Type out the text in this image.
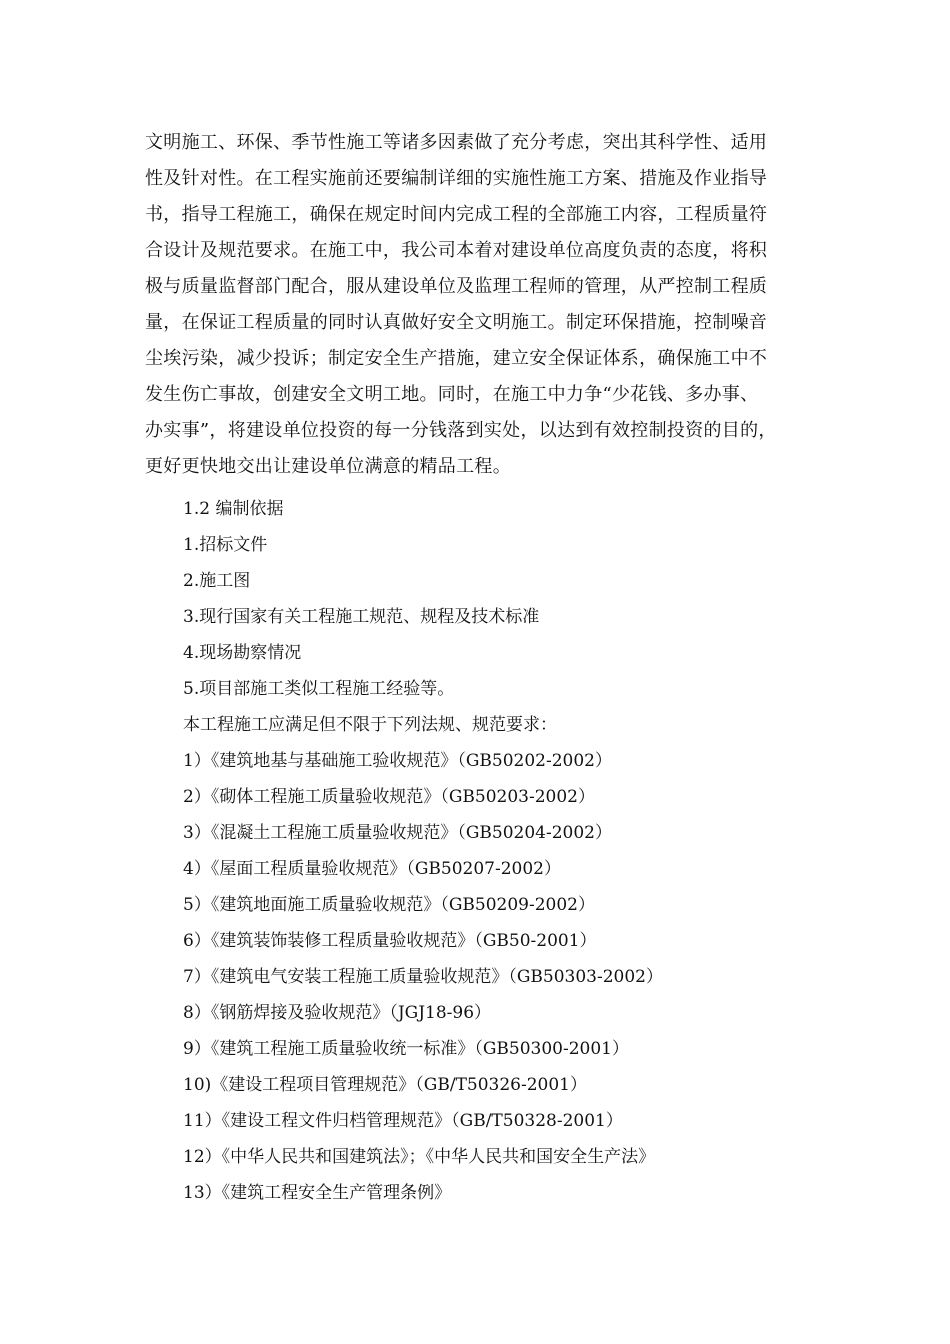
文明施工、环保、季节性施工等诸多因素做了充分考虑，突出其科学性、适用
性及针对性。在工程实施前还要编制详细的实施性施工方案、措施及作业指导
书，指导工程施工，确保在规定时间内完成工程的全部施工内容，工程质量符
合设计及规范要求。在施工中，我公司本着对建设单位高度负责的态度，将积
极与质量监督部门配合，服从建设单位及监理工程师的管理，从严控制工程质
量，在保证工程质量的同时认真做好安全文明施工。制定环保措施，控制噪音
尘埃污染，减少投诉；制定安全生产措施，建立安全保证体系，确保施工中不
发生伤亡事故，创建安全文明工地。同时，在施工中力争“少花钱、多办事、
办实事”，将建设单位投资的每一分钱落到实处，以达到有效控制投资的目的，
更好更快地交出让建设单位满意的精品工程。

1.2 编制依据
1.招标文件
2.施工图
3.现行国家有关工程施工规范、规程及技术标准
4.现场勘察情况
5.项目部施工类似工程施工经验等。
本工程施工应满足但不限于下列法规、规范要求：
1）《建筑地基与基础施工验收规范》（GB50202-2002）
2）《砌体工程施工质量验收规范》（GB50203-2002）
3）《混凝土工程施工质量验收规范》（GB50204-2002）
4）《屋面工程质量验收规范》（GB50207-2002）
5）《建筑地面施工质量验收规范》（GB50209-2002）
6）《建筑装饰装修工程质量验收规范》（GB50-2001）
7）《建筑电气安装工程施工质量验收规范》（GB50303-2002）
8）《钢筋焊接及验收规范》（JGJ18-96）
9）《建筑工程施工质量验收统一标准》（GB50300-2001）
10)《建设工程项目管理规范》（GB/T50326-2001）
11）《建设工程文件归档管理规范》（GB/T50328-2001）
12）《中华人民共和国建筑法》；《中华人民共和国安全生产法》
13）《建筑工程安全生产管理条例》
